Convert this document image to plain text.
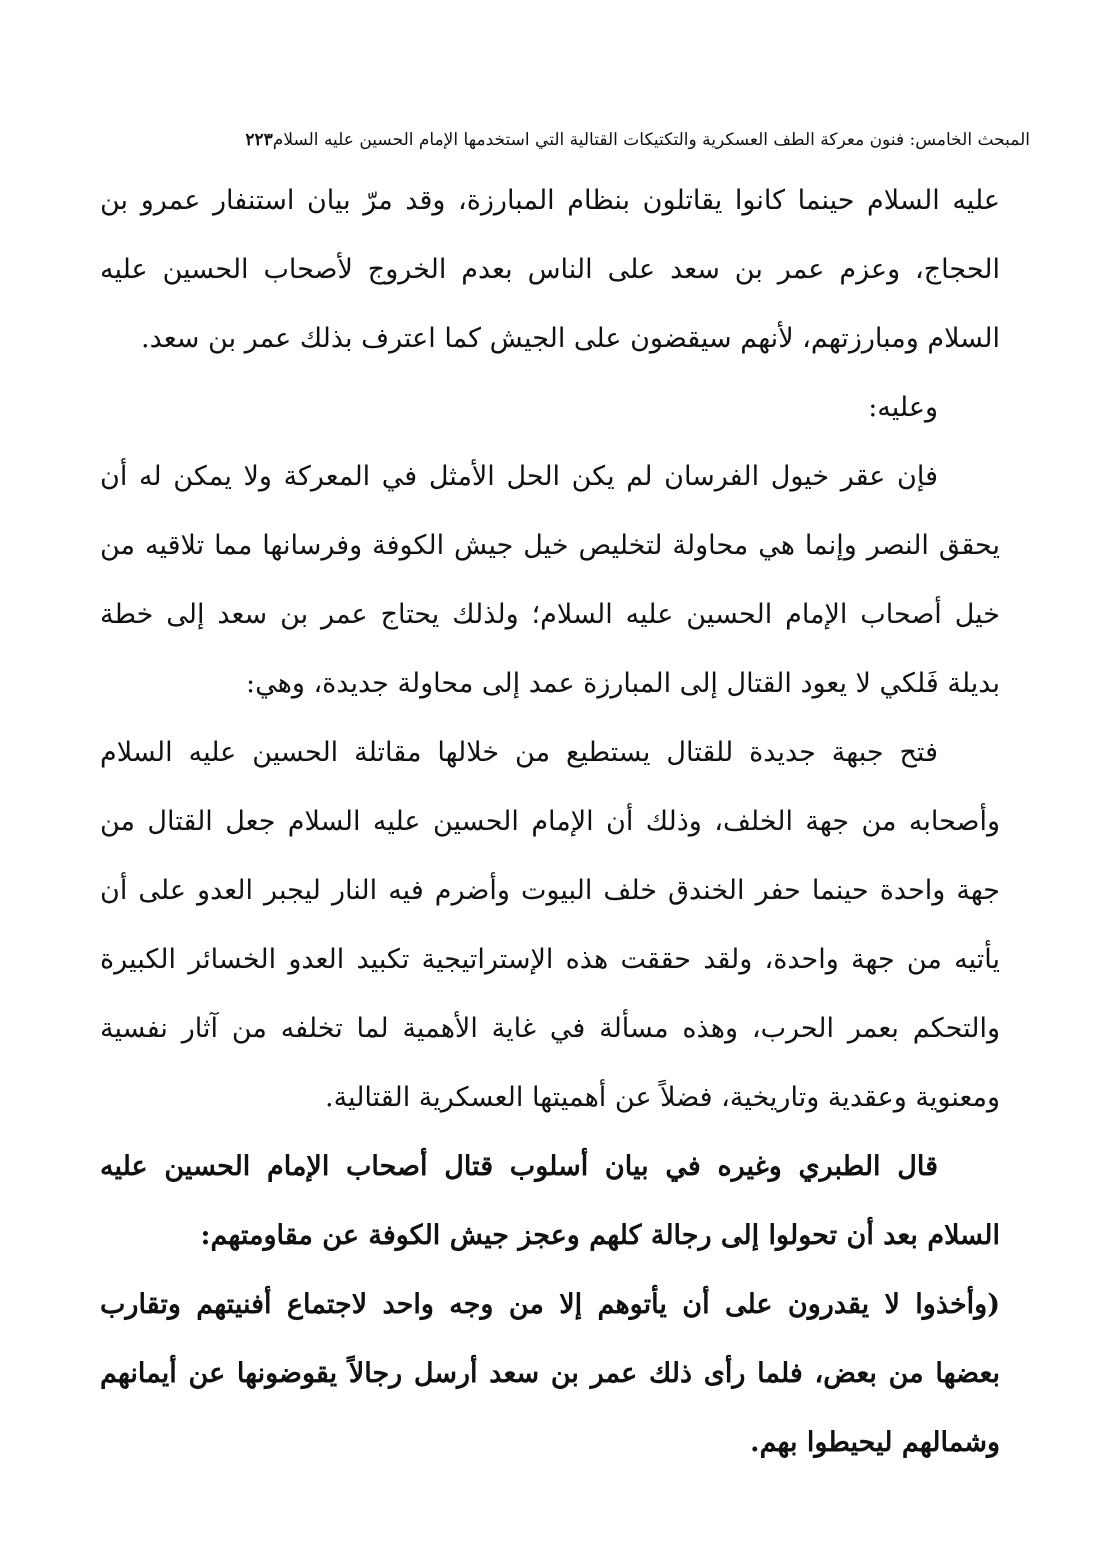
المبحث الخامس: فنون معركة الطف العسكرية والتكتيكات القتالية التي استخدمها الإمام الحسين عليه السلام٢٢٣

عليه السلام حينما كانوا يقاتلون بنظام المبارزة، وقد مرّ بيان استنفار عمرو بن الحجاج، وعزم عمر بن سعد على الناس بعدم الخروج لأصحاب الحسين عليه السلام ومبارزتهم، لأنهم سيقضون على الجيش كما اعترف بذلك عمر بن سعد.

وعليه:

فإن عقر خيول الفرسان لم يكن الحل الأمثل في المعركة ولا يمكن له أن يحقق النصر وإنما هي محاولة لتخليص خيل جيش الكوفة وفرسانها مما تلاقيه من خيل أصحاب الإمام الحسين عليه السلام؛ ولذلك يحتاج عمر بن سعد إلى خطة بديلة فَلكي لا يعود القتال إلى المبارزة عمد إلى محاولة جديدة، وهي:

فتح جبهة جديدة للقتال يستطيع من خلالها مقاتلة الحسين عليه السلام وأصحابه من جهة الخلف، وذلك أن الإمام الحسين عليه السلام جعل القتال من جهة واحدة حينما حفر الخندق خلف البيوت وأضرم فيه النار ليجبر العدو على أن يأتيه من جهة واحدة، ولقد حققت هذه الإستراتيجية تكبيد العدو الخسائر الكبيرة والتحكم بعمر الحرب، وهذه مسألة في غاية الأهمية لما تخلفه من آثار نفسية ومعنوية وعقدية وتاريخية، فضلاً عن أهميتها العسكرية القتالية.

قال الطبري وغيره في بيان أسلوب قتال أصحاب الإمام الحسين عليه السلام بعد أن تحولوا إلى رجالة كلهم وعجز جيش الكوفة عن مقاومتهم:

(وأخذوا لا يقدرون على أن يأتوهم إلا من وجه واحد لاجتماع أفنيتهم وتقارب بعضها من بعض، فلما رأى ذلك عمر بن سعد أرسل رجالاً يقوضونها عن أيمانهم وشمالهم ليحيطوا بهم.
